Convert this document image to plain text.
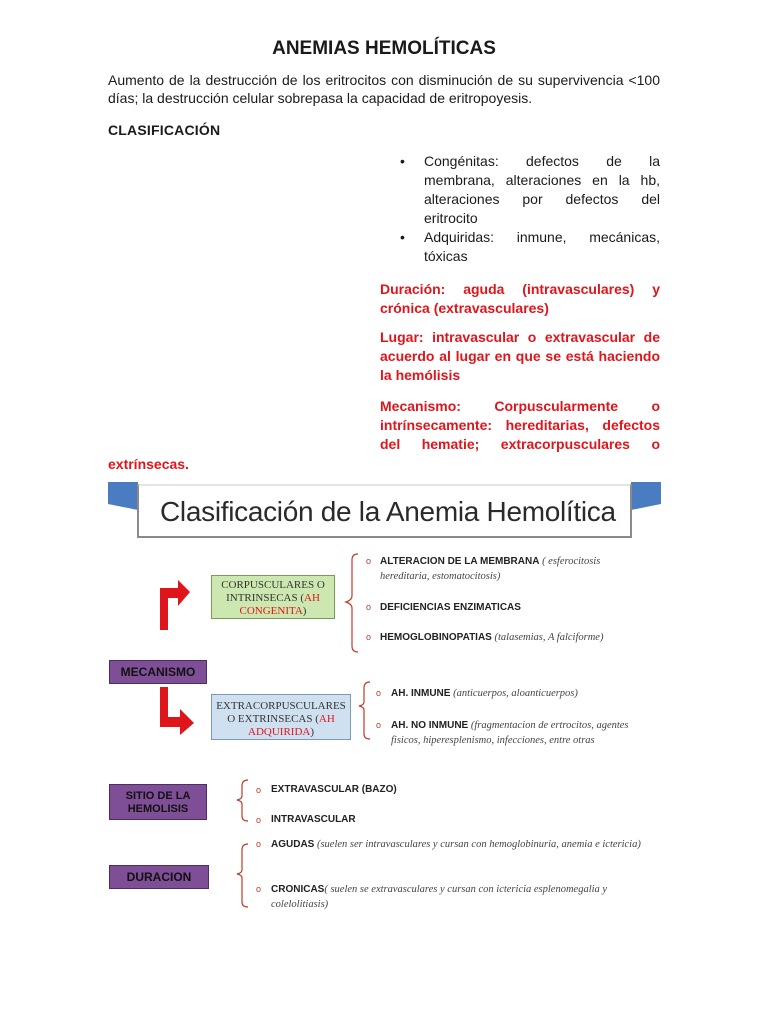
ANEMIAS HEMOLÍTICAS
Aumento de la destrucción de los eritrocitos con disminución de su supervivencia <100 días; la destrucción celular sobrepasa la capacidad de eritropoyesis.
CLASIFICACIÓN
• Congénitas: defectos de la membrana, alteraciones en la hb, alteraciones por defectos del eritrocito
• Adquiridas: inmune, mecánicas, tóxicas
Duración: aguda (intravasculares) y crónica (extravasculares)
Lugar: intravascular o extravascular de acuerdo al lugar en que se está haciendo la hemólisis
Mecanismo: Corpuscularmente o intrínsecamente: hereditarias, defectos del hematie; extracorpusculares o
extrínsecas.
Clasificación de la Anemia Hemolítica
CORPUSCULARES O INTRINSECAS (AH CONGENITA)
EXTRACORPUSCULARES O EXTRINSECAS (AH ADQUIRIDA)
MECANISMO
SITIO DE LA HEMOLISIS
DURACION
o ALTERACION DE LA MEMBRANA ( esferocitosis hereditaria, estomatocitosis)
o DEFICIENCIAS ENZIMATICAS
o HEMOGLOBINOPATIAS (talasemias, A falciforme)
o AH. INMUNE (anticuerpos, aloanticuerpos)
o AH. NO INMUNE (fragmentacion de ertrocitos, agentes fisicos, hiperesplenismo, infecciones, entre otras
o EXTRAVASCULAR (BAZO)
o INTRAVASCULAR
o AGUDAS (suelen ser intravasculares y cursan con hemoglobinuria, anemia e ictericia)
o CRONICAS( suelen se extravasculares y cursan con ictericia esplenomegalia y colelolitiasis)
